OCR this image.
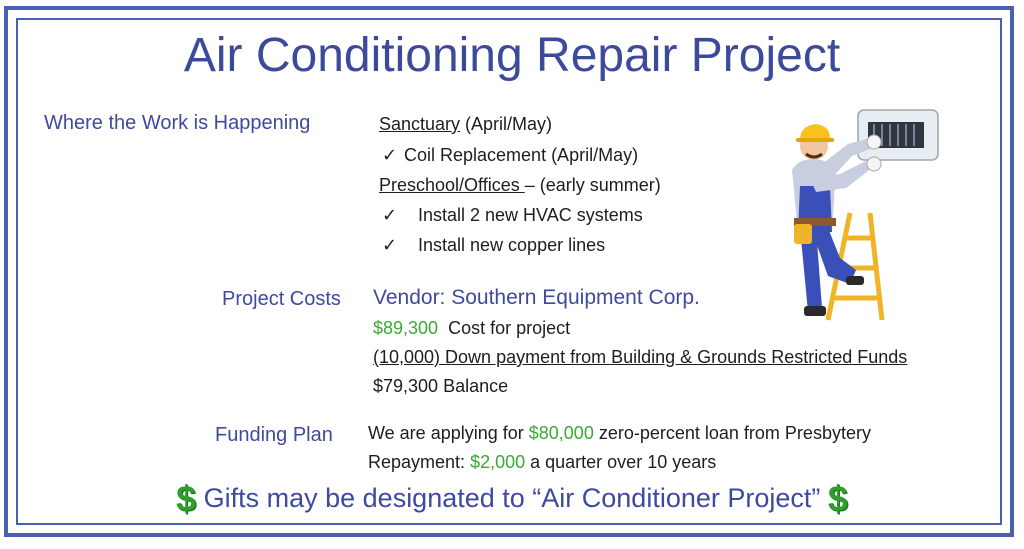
Air Conditioning Repair Project
Where the Work is Happening	Sanctuary (April/May)
✓ Coil Replacement (April/May)
Preschool/Offices – (early summer)
✓ Install 2 new HVAC systems
✓ Install new copper lines
Project Costs Vendor: Southern Equipment Corp.
$89,300 Cost for project
(10,000) Down payment from Building & Grounds Restricted Funds
$79,300 Balance
Funding Plan We are applying for $80,000 zero-percent loan from Presbytery
Repayment: $2,000 a quarter over 10 years
$ Gifts may be designated to “Air Conditioner Project” $
